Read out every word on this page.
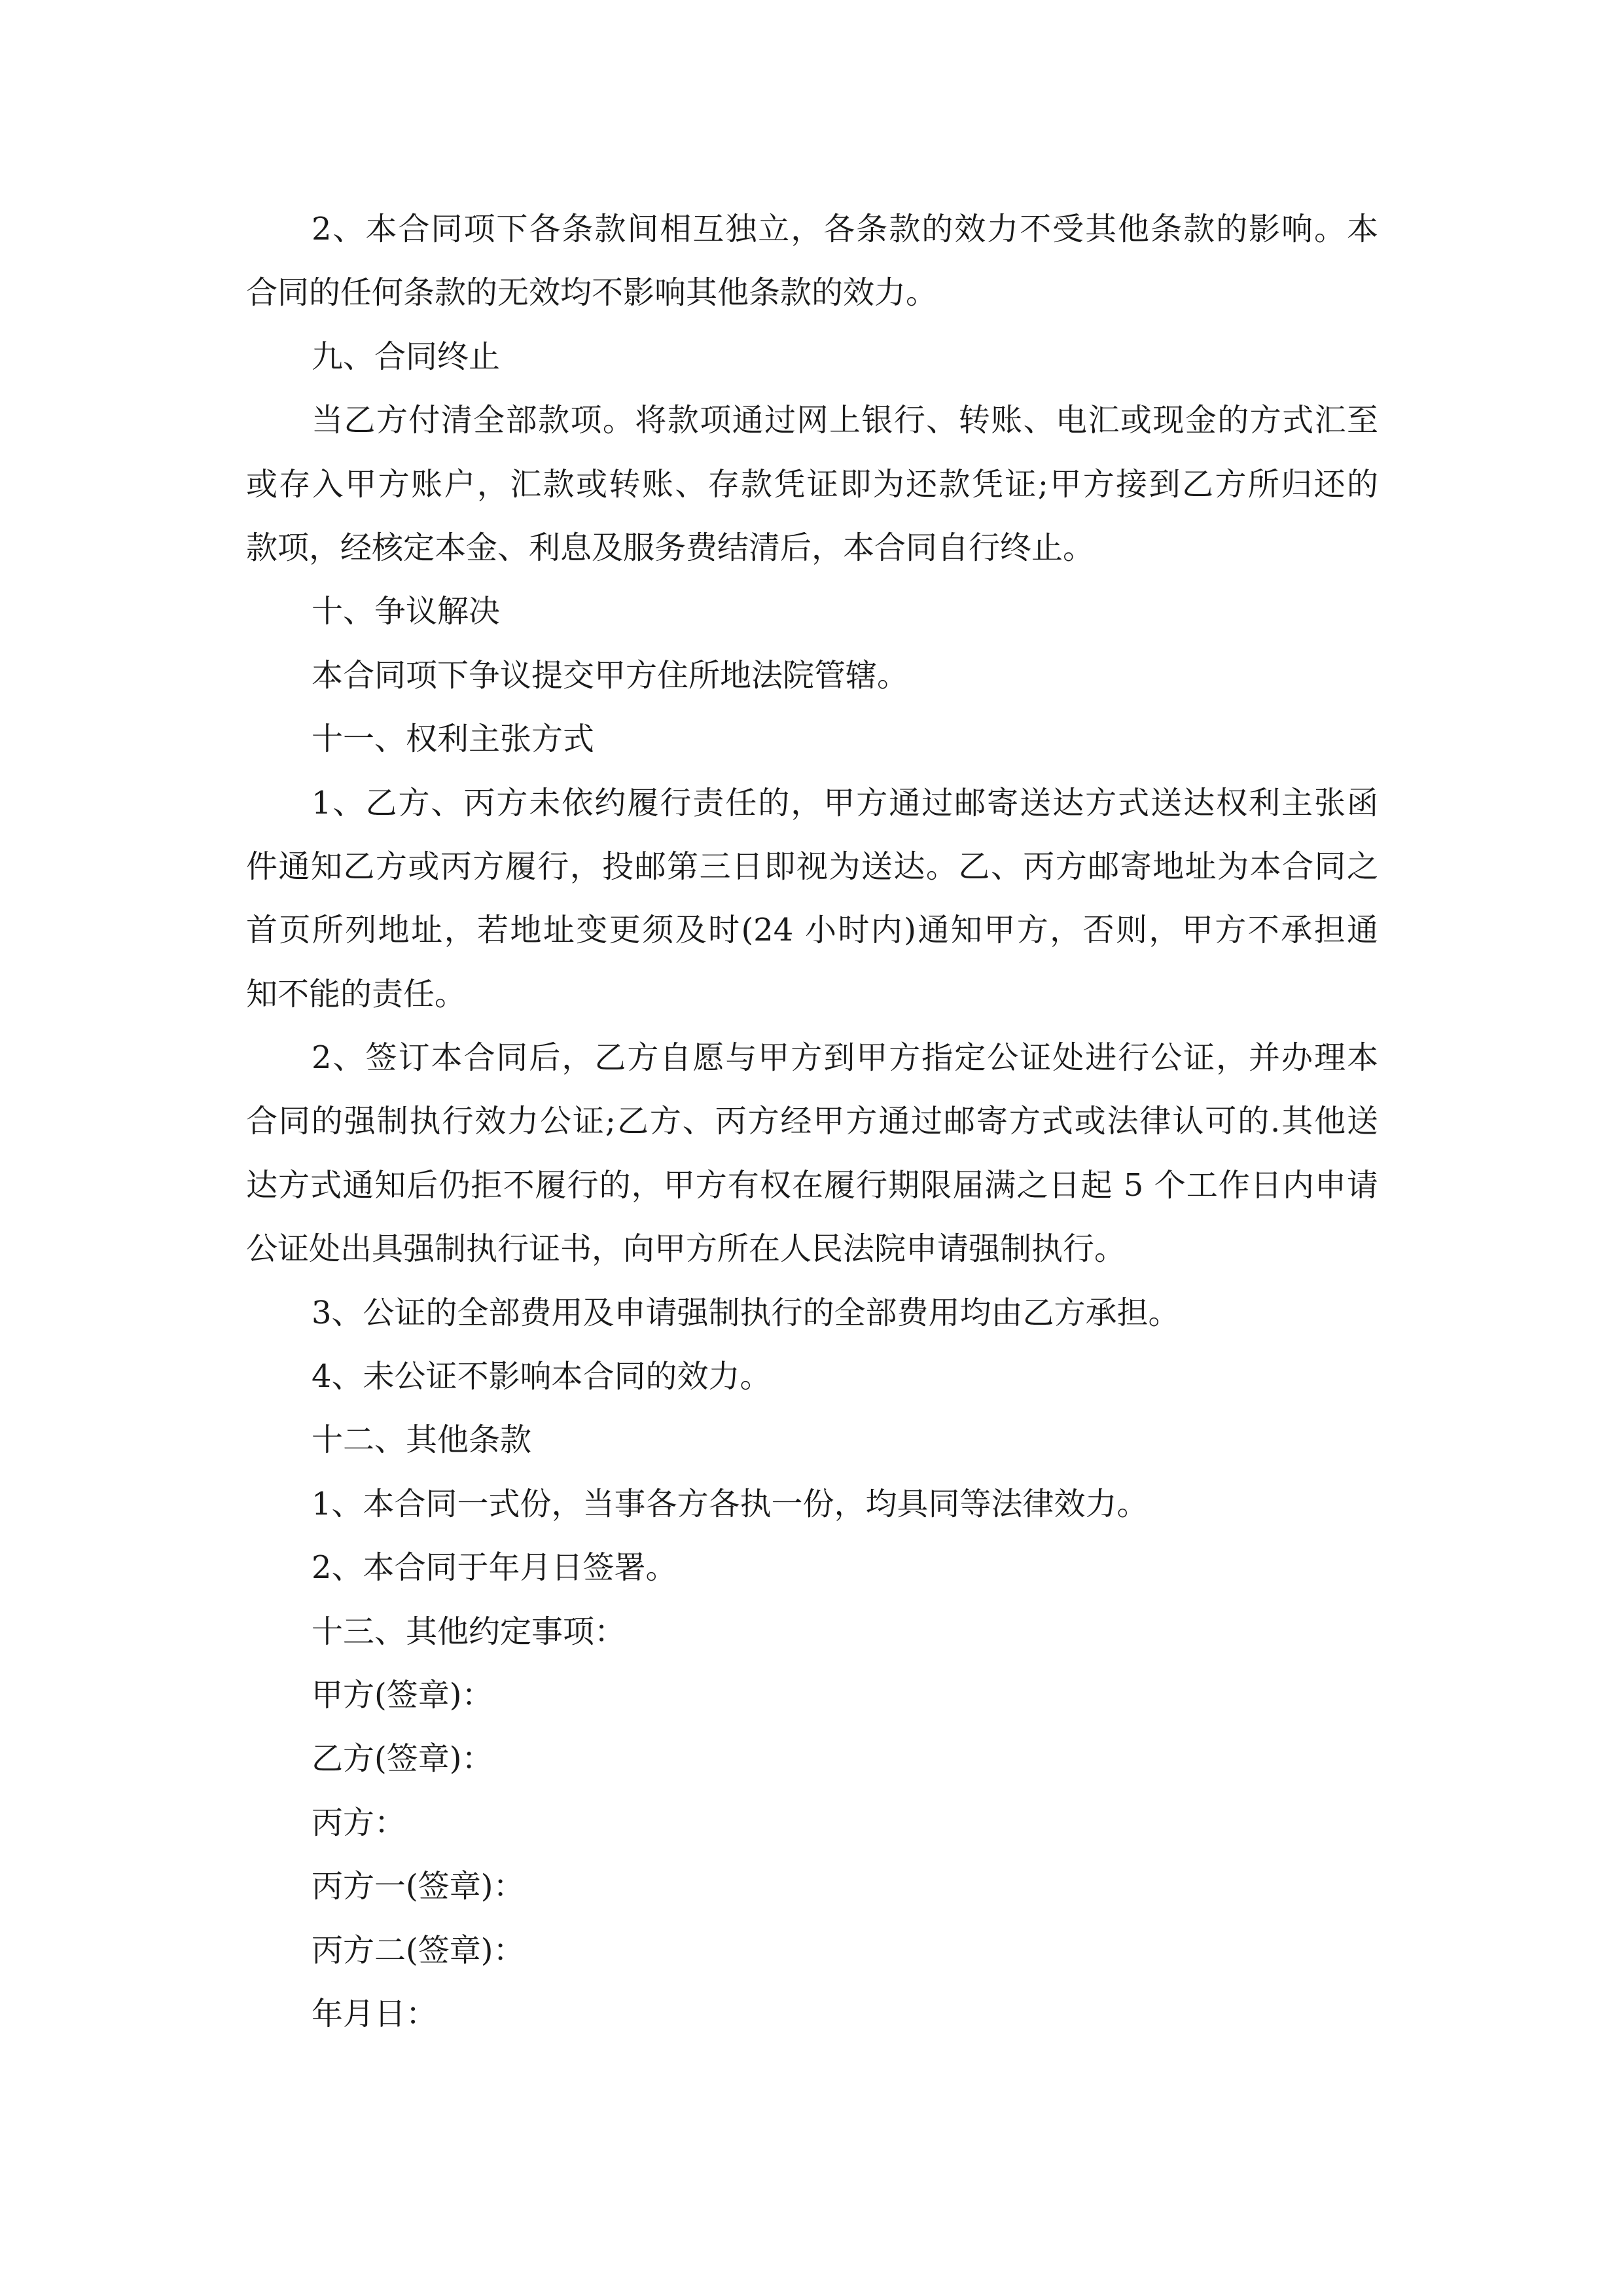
2、本合同项下各条款间相互独立，各条款的效力不受其他条款的影响。本
合同的任何条款的无效均不影响其他条款的效力。
九、合同终止
当乙方付清全部款项。将款项通过网上银行、转账、电汇或现金的方式汇至
或存入甲方账户，汇款或转账、存款凭证即为还款凭证;甲方接到乙方所归还的
款项，经核定本金、利息及服务费结清后，本合同自行终止。
十、争议解决
本合同项下争议提交甲方住所地法院管辖。
十一、权利主张方式
1、乙方、丙方未依约履行责任的，甲方通过邮寄送达方式送达权利主张函
件通知乙方或丙方履行，投邮第三日即视为送达。乙、丙方邮寄地址为本合同之
首页所列地址，若地址变更须及时(24 小时内)通知甲方，否则，甲方不承担通
知不能的责任。
2、签订本合同后，乙方自愿与甲方到甲方指定公证处进行公证，并办理本
合同的强制执行效力公证;乙方、丙方经甲方通过邮寄方式或法律认可的.其他送
达方式通知后仍拒不履行的，甲方有权在履行期限届满之日起 5 个工作日内申请
公证处出具强制执行证书，向甲方所在人民法院申请强制执行。
3、公证的全部费用及申请强制执行的全部费用均由乙方承担。
4、未公证不影响本合同的效力。
十二、其他条款
1、本合同一式份，当事各方各执一份，均具同等法律效力。
2、本合同于年月日签署。
十三、其他约定事项：
甲方(签章)：
乙方(签章)：
丙方：
丙方一(签章)：
丙方二(签章)：
年月日：
